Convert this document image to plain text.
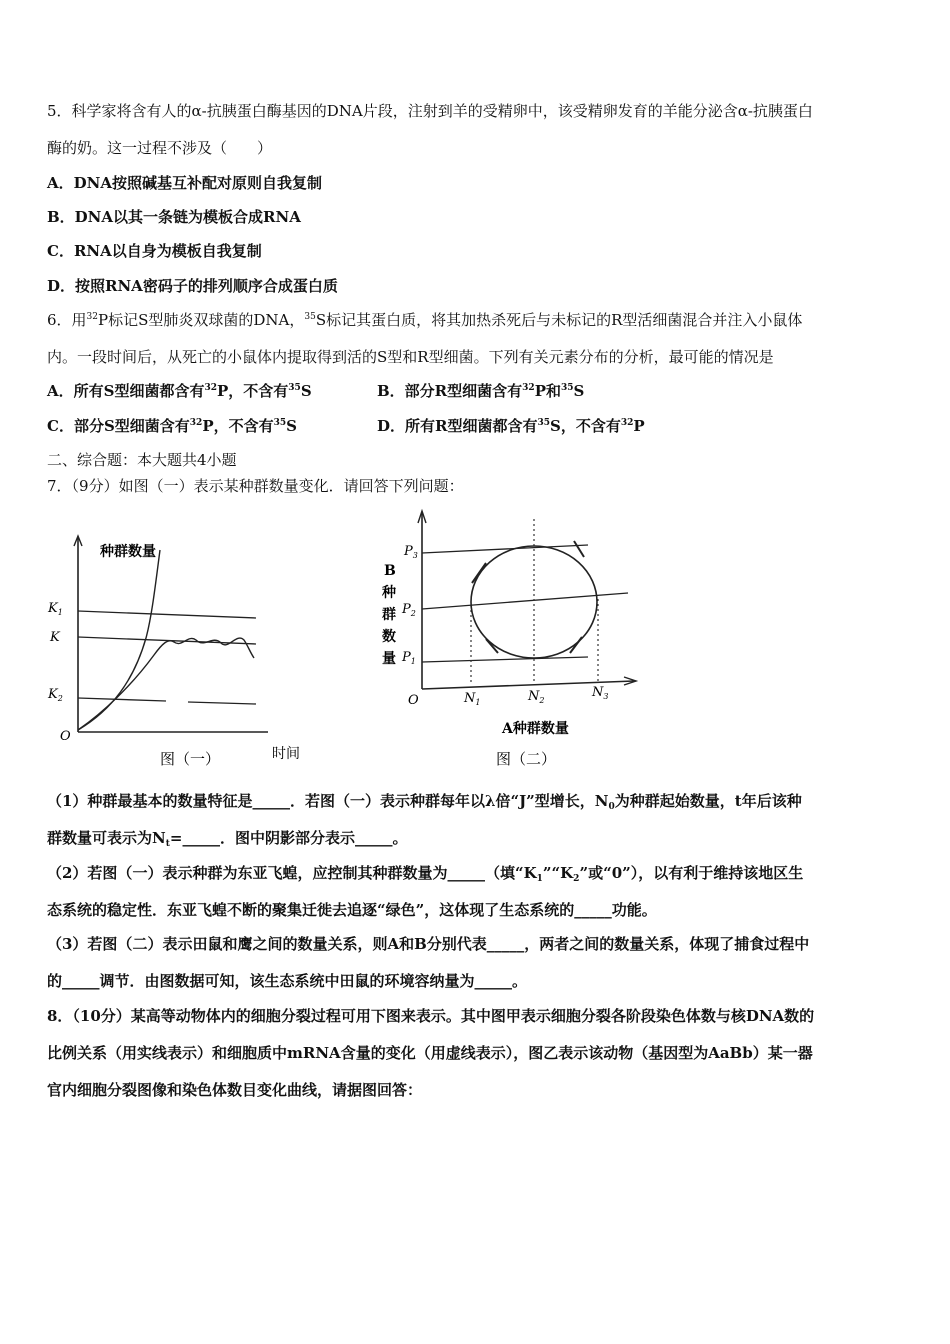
5．科学家将含有人的α-抗胰蛋白酶基因的DNA片段，注射到羊的受精卵中，该受精卵发育的羊能分泌含α-抗胰蛋白
酶的奶。这一过程不涉及（　　）
A．DNA按照碱基互补配对原则自我复制
B．DNA以其一条链为模板合成RNA
C．RNA以自身为模板自我复制
D．按照RNA密码子的排列顺序合成蛋白质
6．用$^{32}$P标记S型肺炎双球菌的DNA，$^{35}$S标记其蛋白质，将其加热杀死后与未标记的R型活细菌混合并注入小鼠体
内。一段时间后，从死亡的小鼠体内提取得到活的S型和R型细菌。下列有关元素分布的分析，最可能的情况是
A．所有S型细菌都含有$^{32}$P，不含有$^{35}$S	B．部分R型细菌含有$^{32}$P和$^{35}$S
C．部分S型细菌含有$^{32}$P，不含有$^{35}$S	D．所有R型细菌都含有$^{35}$S，不含有$^{32}$P
二、综合题：本大题共4小题
7．（9分）如图（一）表示某种群数量变化．请回答下列问题：
种群数量
$K_1$
K
$K_2$
O
图（一）	时间
B
种
群
数
量
$P_3$
$P_2$
$P_1$
O	$N_1$	$N_2$
$N_3$
A种群数量
图（二）
（1）种群最基本的数量特征是_____．若图（一）表示种群每年以λ倍“J”型增长，$N_0$为种群起始数量，t年后该种
群数量可表示为$N_t=\_\_\_\_\_$．图中阴影部分表示_____。
（2）若图（一）表示种群为东亚飞蝗，应控制其种群数量为_____（填“$K_1”“K_2$”或“0”），以有利于维持该地区生
态系统的稳定性．东亚飞蝗不断的聚集迁徙去追逐“绿色”，这体现了生态系统的_____功能。
（3）若图（二）表示田鼠和鹰之间的数量关系，则A和B分别代表_____，两者之间的数量关系，体现了捕食过程中
的_____调节．由图数据可知，该生态系统中田鼠的环境容纳量为_____。
8．（10分）某高等动物体内的细胞分裂过程可用下图来表示。其中图甲表示细胞分裂各阶段染色体数与核DNA数的
比例关系（用实线表示）和细胞质中mRNA含量的变化（用虚线表示），图乙表示该动物（基因型为AaBb）某一器
官内细胞分裂图像和染色体数目变化曲线，请据图回答：
